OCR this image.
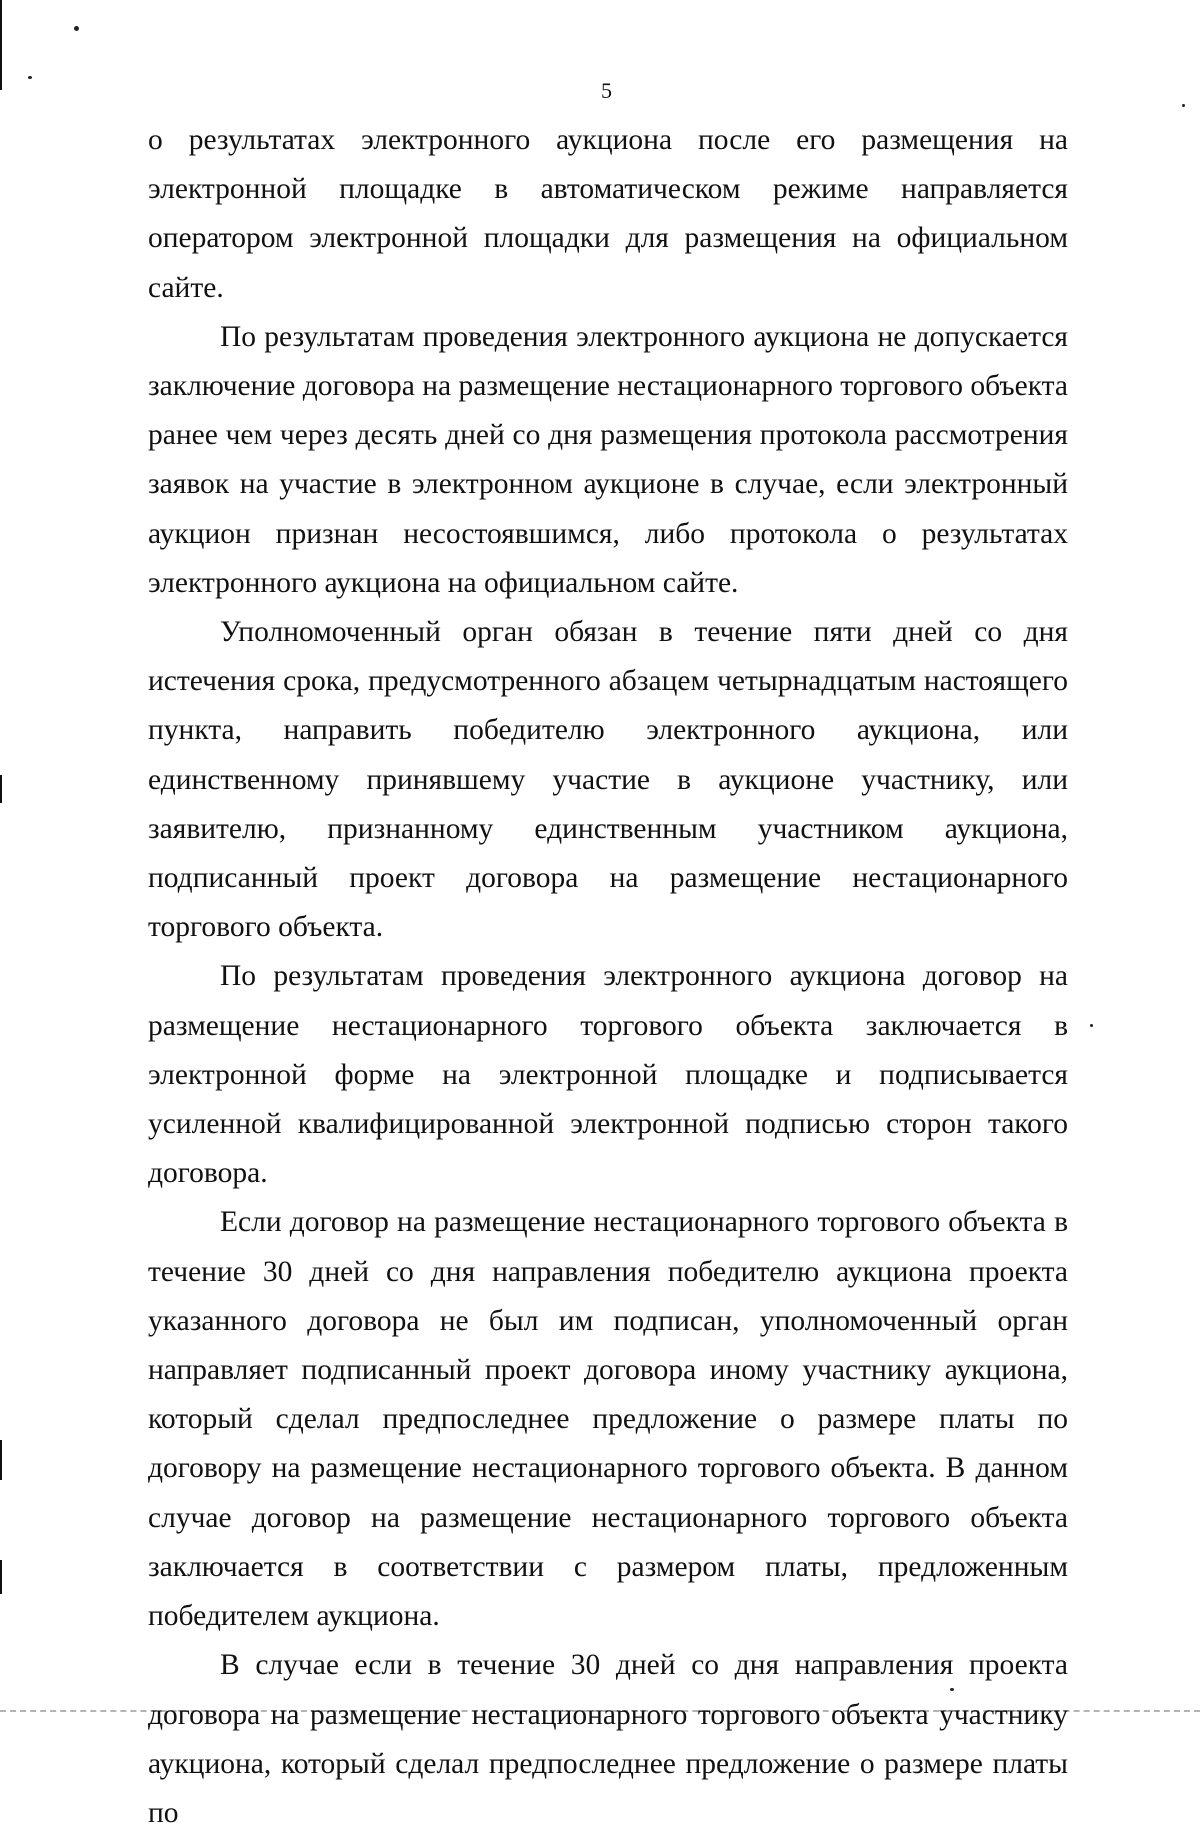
5

о результатах электронного аукциона после его размещения на электронной площадке в автоматическом режиме направляется оператором электронной площадки для размещения на официальном сайте.

По результатам проведения электронного аукциона не допускается заключение договора на размещение нестационарного торгового объекта ранее чем через десять дней со дня размещения протокола рассмотрения заявок на участие в электронном аукционе в случае, если электронный аукцион признан несостоявшимся, либо протокола о результатах электронного аукциона на официальном сайте.

Уполномоченный орган обязан в течение пяти дней со дня истечения срока, предусмотренного абзацем четырнадцатым настоящего пункта, направить победителю электронного аукциона, или единственному принявшему участие в аукционе участнику, или заявителю, признанному единственным участником аукциона, подписанный проект договора на размещение нестационарного торгового объекта.

По результатам проведения электронного аукциона договор на размещение нестационарного торгового объекта заключается в электронной форме на электронной площадке и подписывается усиленной квалифицированной электронной подписью сторон такого договора.

Если договор на размещение нестационарного торгового объекта в течение 30 дней со дня направления победителю аукциона проекта указанного договора не был им подписан, уполномоченный орган направляет подписанный проект договора иному участнику аукциона, который сделал предпоследнее предложение о размере платы по договору на размещение нестационарного торгового объекта. В данном случае договор на размещение нестационарного торгового объекта заключается в соответствии с размером платы, предложенным победителем аукциона.

В случае если в течение 30 дней со дня направления проекта договора на размещение нестационарного торгового объекта участнику аукциона, который сделал предпоследнее предложение о размере платы по
